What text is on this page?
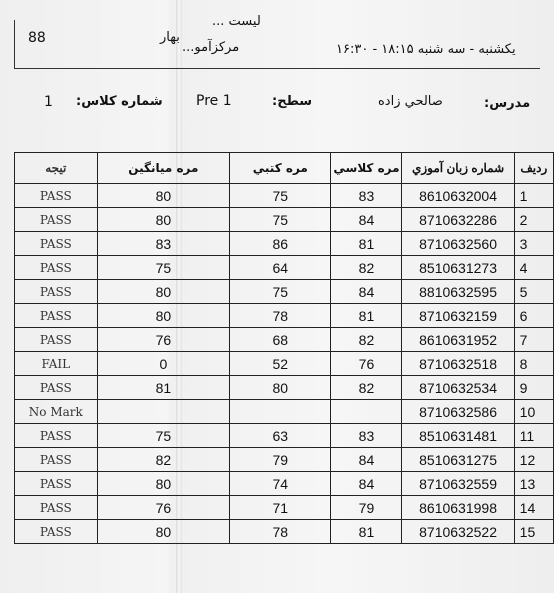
ليست ...
88	بهار
مركزآمو...	يكشنبه - سه شنبه ۱۸:۱۵ - ۱۶:۳۰
1 شماره كلاس: Pre 1	سطح:	صالحي زاده	مدرس:
رديف	شماره زبان آموزي	مره كلاسي	مره كتبي	مره ميانگين	تيجه
1	8610632004	83	75	80	PASS
2	8710632286	84	75	80	PASS
3	8710632560	81	86	83	PASS
4	8510631273	82	64	75	PASS
5	8810632595	84	75	80	PASS
6	8710632159	81	78	80	PASS
7	8610631952	82	68	76	PASS
8	8710632518	76	52	0	FAIL
9	8710632534	82	80	81	PASS
10	8710632586				No Mark
11	8510631481	83	63	75	PASS
12	8510631275	84	79	82	PASS
13	8710632559	84	74	80	PASS
14	8610631998	79	71	76	PASS
15	8710632522	81	78	80	PASS
